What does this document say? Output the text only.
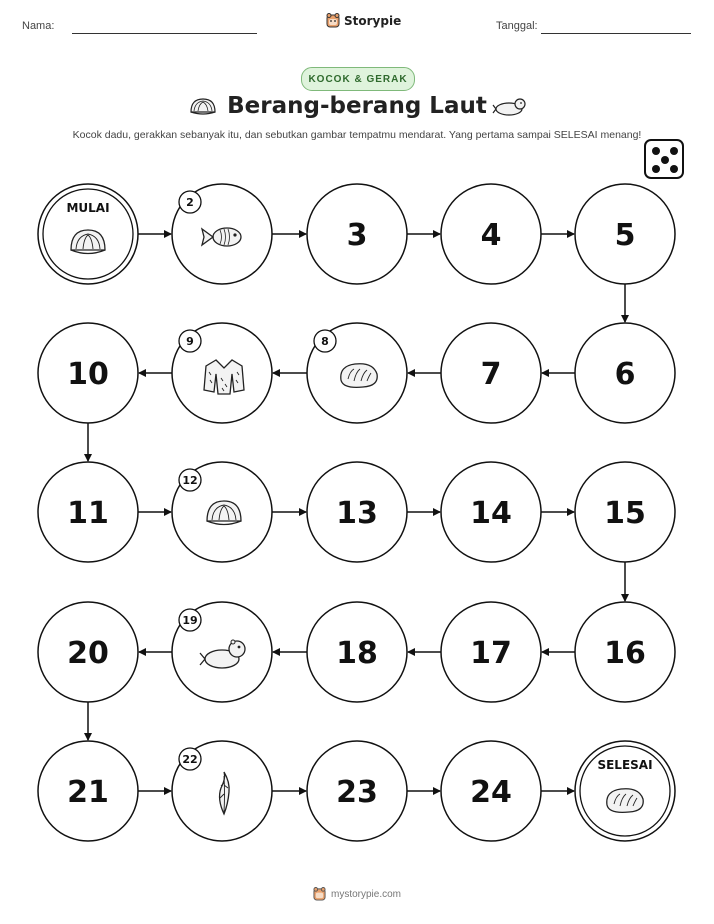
Nama:	Storypie	Tanggal:
KOCOK & GERAK
Berang-berang Laut
Kocok dadu, gerakkan sebanyak itu, dan sebutkan gambar tempatmu mendarat. Yang pertama sampai SELESAI menang!
MULAI	2
3	4	5
6
7
8
9
10
11
12
13	14	15
16
17
18
19
20
21
22
23	24
SELESAI
mystorypie.com
